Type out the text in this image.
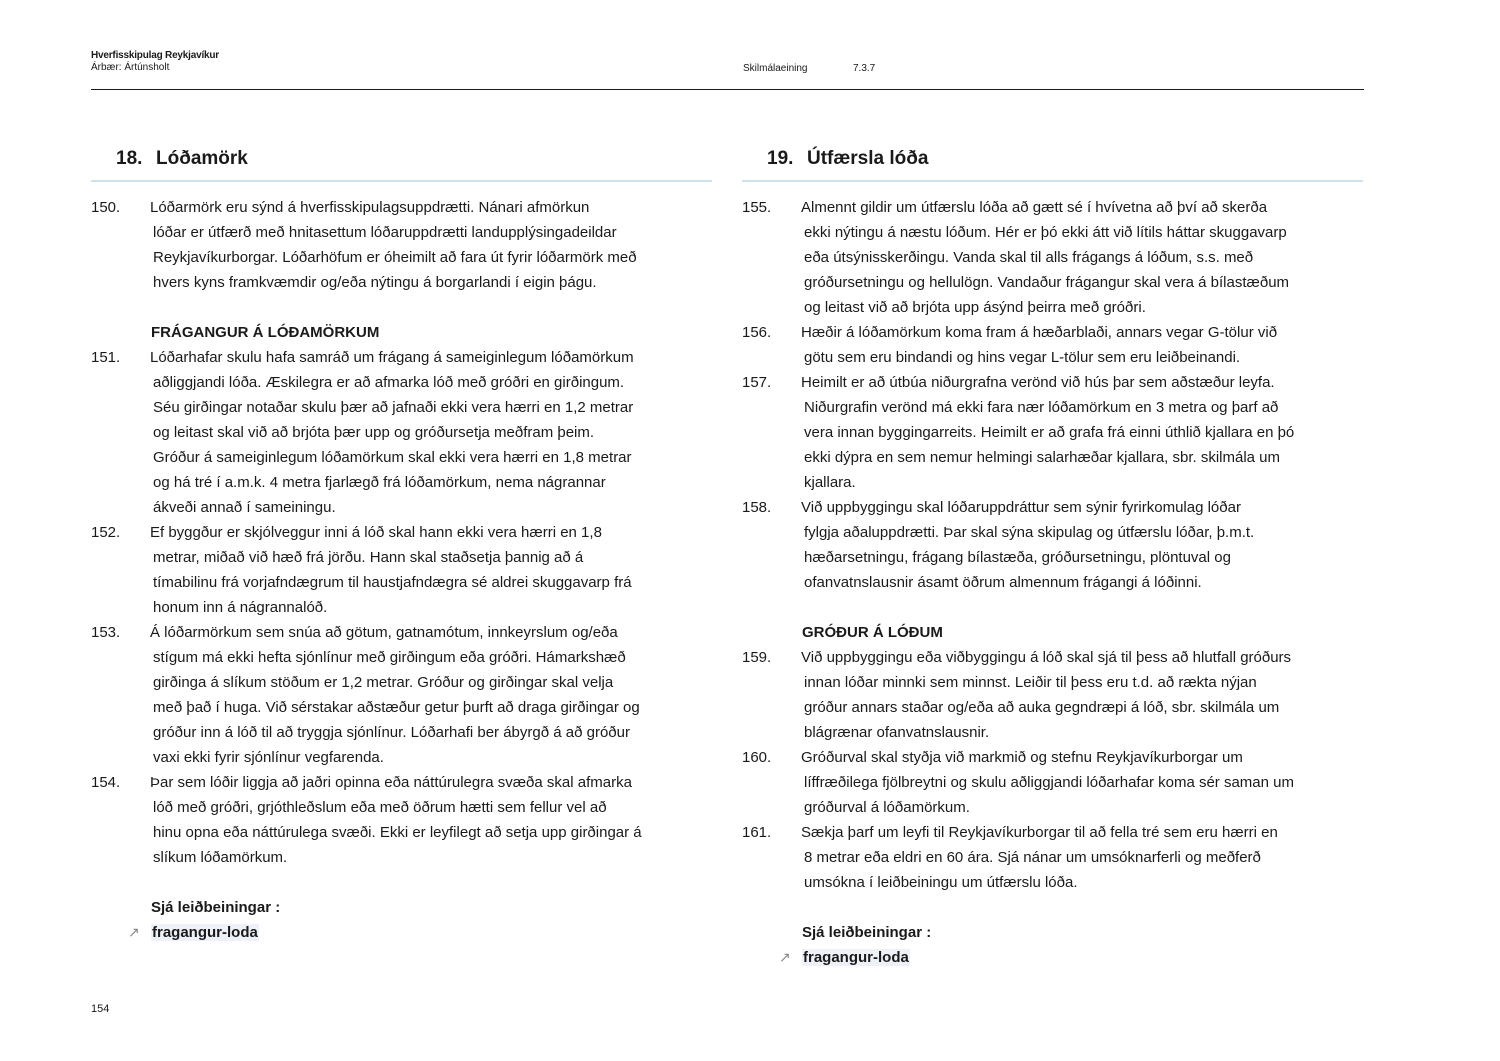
Hverfisskipulag Reykjavíkur
Árbær: Ártúnsholt	Skilmálaeining	7.3.7
18. Lóðamörk
150. Lóðarmörk eru sýnd á hverfisskipulagsuppdrætti. Nánari afmörkun
lóðar er útfærð með hnitasettum lóðaruppdrætti landupplýsingadeildar
Reykjavíkurborgar. Lóðarhöfum er óheimilt að fara út fyrir lóðarmörk með
hvers kyns framkvæmdir og/eða nýtingu á borgarlandi í eigin þágu.
FRÁGANGUR Á LÓÐAMÖRKUM
151. Lóðarhafar skulu hafa samráð um frágang á sameiginlegum lóðamörkum
aðliggjandi lóða. Æskilegra er að afmarka lóð með gróðri en girðingum.
Séu girðingar notaðar skulu þær að jafnaði ekki vera hærri en 1,2 metrar
og leitast skal við að brjóta þær upp og gróðursetja meðfram þeim.
Gróður á sameiginlegum lóðamörkum skal ekki vera hærri en 1,8 metrar
og há tré í a.m.k. 4 metra fjarlægð frá lóðamörkum, nema nágrannar
ákveði annað í sameiningu.
152. Ef byggður er skjólveggur inni á lóð skal hann ekki vera hærri en 1,8
metrar, miðað við hæð frá jörðu. Hann skal staðsetja þannig að á
tímabilinu frá vorjafndægrum til haustjafndægra sé aldrei skuggavarp frá
honum inn á nágrannalóð.
153. Á lóðarmörkum sem snúa að götum, gatnamótum, innkeyrslum og/eða
stígum má ekki hefta sjónlínur með girðingum eða gróðri. Hámarkshæð
girðinga á slíkum stöðum er 1,2 metrar. Gróður og girðingar skal velja
með það í huga. Við sérstakar aðstæður getur þurft að draga girðingar og
gróður inn á lóð til að tryggja sjónlínur. Lóðarhafi ber ábyrgð á að gróður
vaxi ekki fyrir sjónlínur vegfarenda.
154. Þar sem lóðir liggja að jaðri opinna eða náttúrulegra svæða skal afmarka
lóð með gróðri, grjóthleðslum eða með öðrum hætti sem fellur vel að
hinu opna eða náttúrulega svæði. Ekki er leyfilegt að setja upp girðingar á
slíkum lóðamörkum.
Sjá leiðbeiningar :
↗ fragangur-loda
19. Útfærsla lóða
155. Almennt gildir um útfærslu lóða að gætt sé í hvívetna að því að skerða
ekki nýtingu á næstu lóðum. Hér er þó ekki átt við lítils háttar skuggavarp
eða útsýnisskerðingu. Vanda skal til alls frágangs á lóðum, s.s. með
gróðursetningu og hellulögn. Vandaður frágangur skal vera á bílastæðum
og leitast við að brjóta upp ásýnd þeirra með gróðri.
156. Hæðir á lóðamörkum koma fram á hæðarblaði, annars vegar G-tölur við
götu sem eru bindandi og hins vegar L-tölur sem eru leiðbeinandi.
157. Heimilt er að útbúa niðurgrafna verönd við hús þar sem aðstæður leyfa.
Niðurgrafin verönd má ekki fara nær lóðamörkum en 3 metra og þarf að
vera innan byggingarreits. Heimilt er að grafa frá einni úthlið kjallara en þó
ekki dýpra en sem nemur helmingi salarhæðar kjallara, sbr. skilmála um
kjallara.
158. Við uppbyggingu skal lóðaruppdráttur sem sýnir fyrirkomulag lóðar
fylgja aðaluppdrætti. Þar skal sýna skipulag og útfærslu lóðar, þ.m.t.
hæðarsetningu, frágang bílastæða, gróðursetningu, plöntuval og
ofanvatnslausnir ásamt öðrum almennum frágangi á lóðinni.
GRÓÐUR Á LÓÐUM
159. Við uppbyggingu eða viðbyggingu á lóð skal sjá til þess að hlutfall gróðurs
innan lóðar minnki sem minnst. Leiðir til þess eru t.d. að rækta nýjan
gróður annars staðar og/eða að auka gegndræpi á lóð, sbr. skilmála um
blágrænar ofanvatnslausnir.
160. Gróðurval skal styðja við markmið og stefnu Reykjavíkurborgar um
líffræðilega fjölbreytni og skulu aðliggjandi lóðarhafar koma sér saman um
gróðurval á lóðamörkum.
161. Sækja þarf um leyfi til Reykjavíkurborgar til að fella tré sem eru hærri en
8 metrar eða eldri en 60 ára. Sjá nánar um umsóknarferli og meðferð
umsókna í leiðbeiningu um útfærslu lóða.
Sjá leiðbeiningar :
↗ fragangur-loda
154
